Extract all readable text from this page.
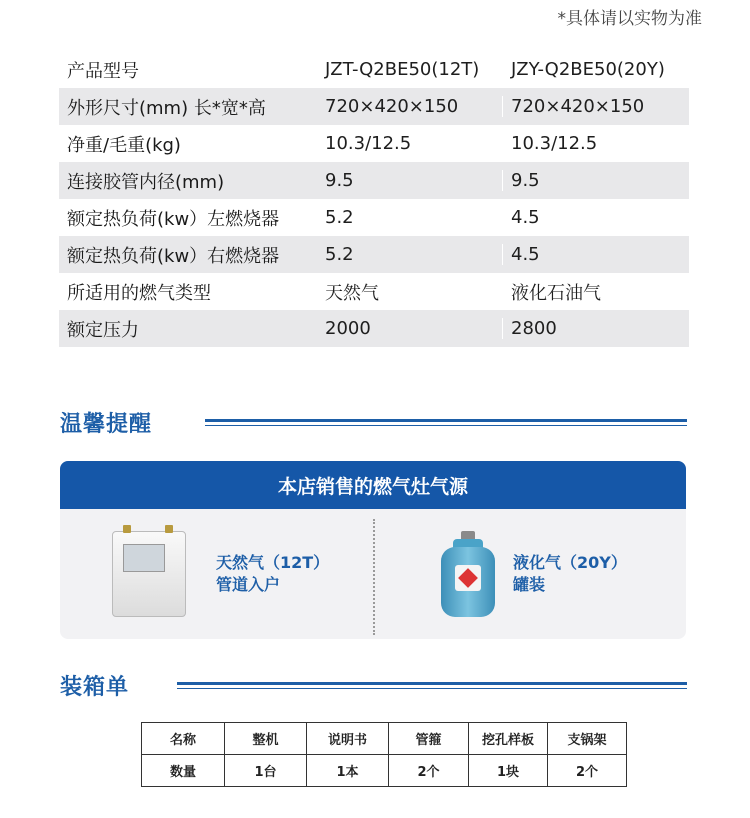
*具体请以实物为准
产品型号	JZT-Q2BE50(12T)	JZY-Q2BE50(20Y)
外形尺寸(mm) 长*宽*高	720×420×150	720×420×150
净重/毛重(kg)	10.3/12.5	10.3/12.5
连接胶管内径(mm)	9.5	9.5
额定热负荷(kw）左燃烧器	5.2	4.5
额定热负荷(kw）右燃烧器	5.2	4.5
所适用的燃气类型	天然气	液化石油气
额定压力	2000	2800
温馨提醒
本店销售的燃气灶气源
天然气（12T）
管道入户
液化气（20Y）
罐装
装箱单
名称	整机	说明书	管箍	挖孔样板	支锅架
数量	1台	1本	2个	1块	2个
